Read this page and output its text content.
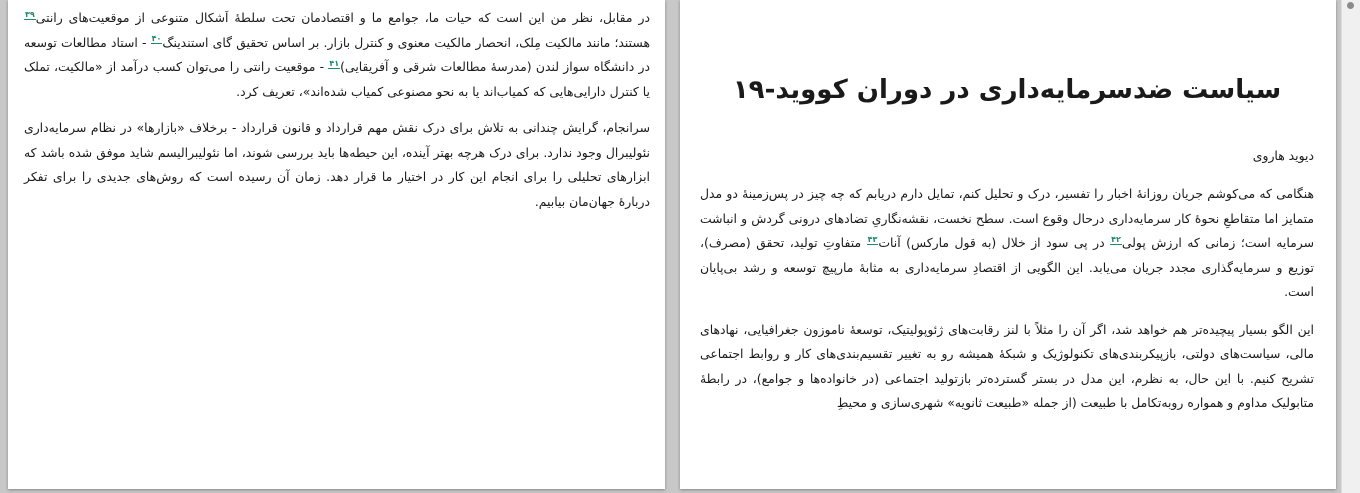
در مقابل، نظر من این است که حیات ما، جوامع ما و اقتصادمان تحت سلطهٔ اَشکال متنوعی از موقعیت‌های رانتی$^{۳۹}$ هستند؛ مانند مالکیت مِلک، انحصار مالکیت معنوی و کنترل بازار. بر اساس تحقیق گای استندینگ$^{۴۰}$ - استاد مطالعات توسعه در دانشگاه سواز لندن (مدرسهٔ مطالعات شرقی و آفریقایی)$^{۴۱}$ - موقعیت رانتی را می‌توان کسب درآمد از «مالکیت، تملک یا کنترل دارایی‌هایی که کمیاب‌اند یا به نحو مصنوعی کمیاب شده‌اند»، تعریف کرد.

سرانجام، گرایش چندانی به تلاش برای درک نقش مهم قرارداد و قانون قرارداد - برخلاف «بازارها» در نظام سرمایه‌داری نئولیبرال وجود ندارد. برای درک هرچه بهتر آینده، این حیطه‌ها باید بررسی شوند، اما نئولیبرالیسم شاید موفق شده باشد که ابزارهای تحلیلی را برای انجام این کار در اختیار ما قرار دهد. زمان آن رسیده است که روش‌های جدیدی را برای تفکر دربارهٔ جهان‌مان بیابیم.

سیاست ضدسرمایه‌داری در دوران کووید-۱۹
دیوید هاروی

هنگامی که می‌کوشم جریان روزانهٔ اخبار را تفسیر، درک و تحلیل کنم، تمایل دارم دریابم که چه چیز در پس‌زمینهٔ دو مدل متمایز اما متقاطعِ نحوهٔ کار سرمایه‌داری درحال وقوع است. سطح نخست، نقشه‌نگاریِ تضادهای درونی گردش و انباشت سرمایه است؛ زمانی که ارزش پولی$^{۴۲}$ در پی سود از خلال (به قول مارکس) آنات$^{۴۳}$ متفاوتِ تولید، تحقق (مصرف)، توزیع و سرمایه‌گذاری مجدد جریان می‌یابد. این الگویی از اقتصادِ سرمایه‌داری به مثابهٔ مارپیچ توسعه و رشد بی‌پایان است.

این الگو بسیار پیچیده‌تر هم خواهد شد، اگر آن را مثلاً با لنز رقابت‌های ژئوپولیتیک، توسعهٔ ناموزون جغرافیایی، نهادهای مالی، سیاست‌های دولتی، بازپیکربندی‌های تکنولوژیک و شبکهٔ همیشه رو به تغییر تقسیم‌بندی‌های کار و روابط اجتماعی تشریح کنیم. با این حال، به نظرم، این مدل در بستر گسترده‌تر بازتولید اجتماعی (در خانواده‌ها و جوامع)، در رابطهٔ متابولیک مداوم و همواره روبه‌تکامل با طبیعت (از جمله «طبیعت ثانویه» شهری‌سازی و محیطِ
